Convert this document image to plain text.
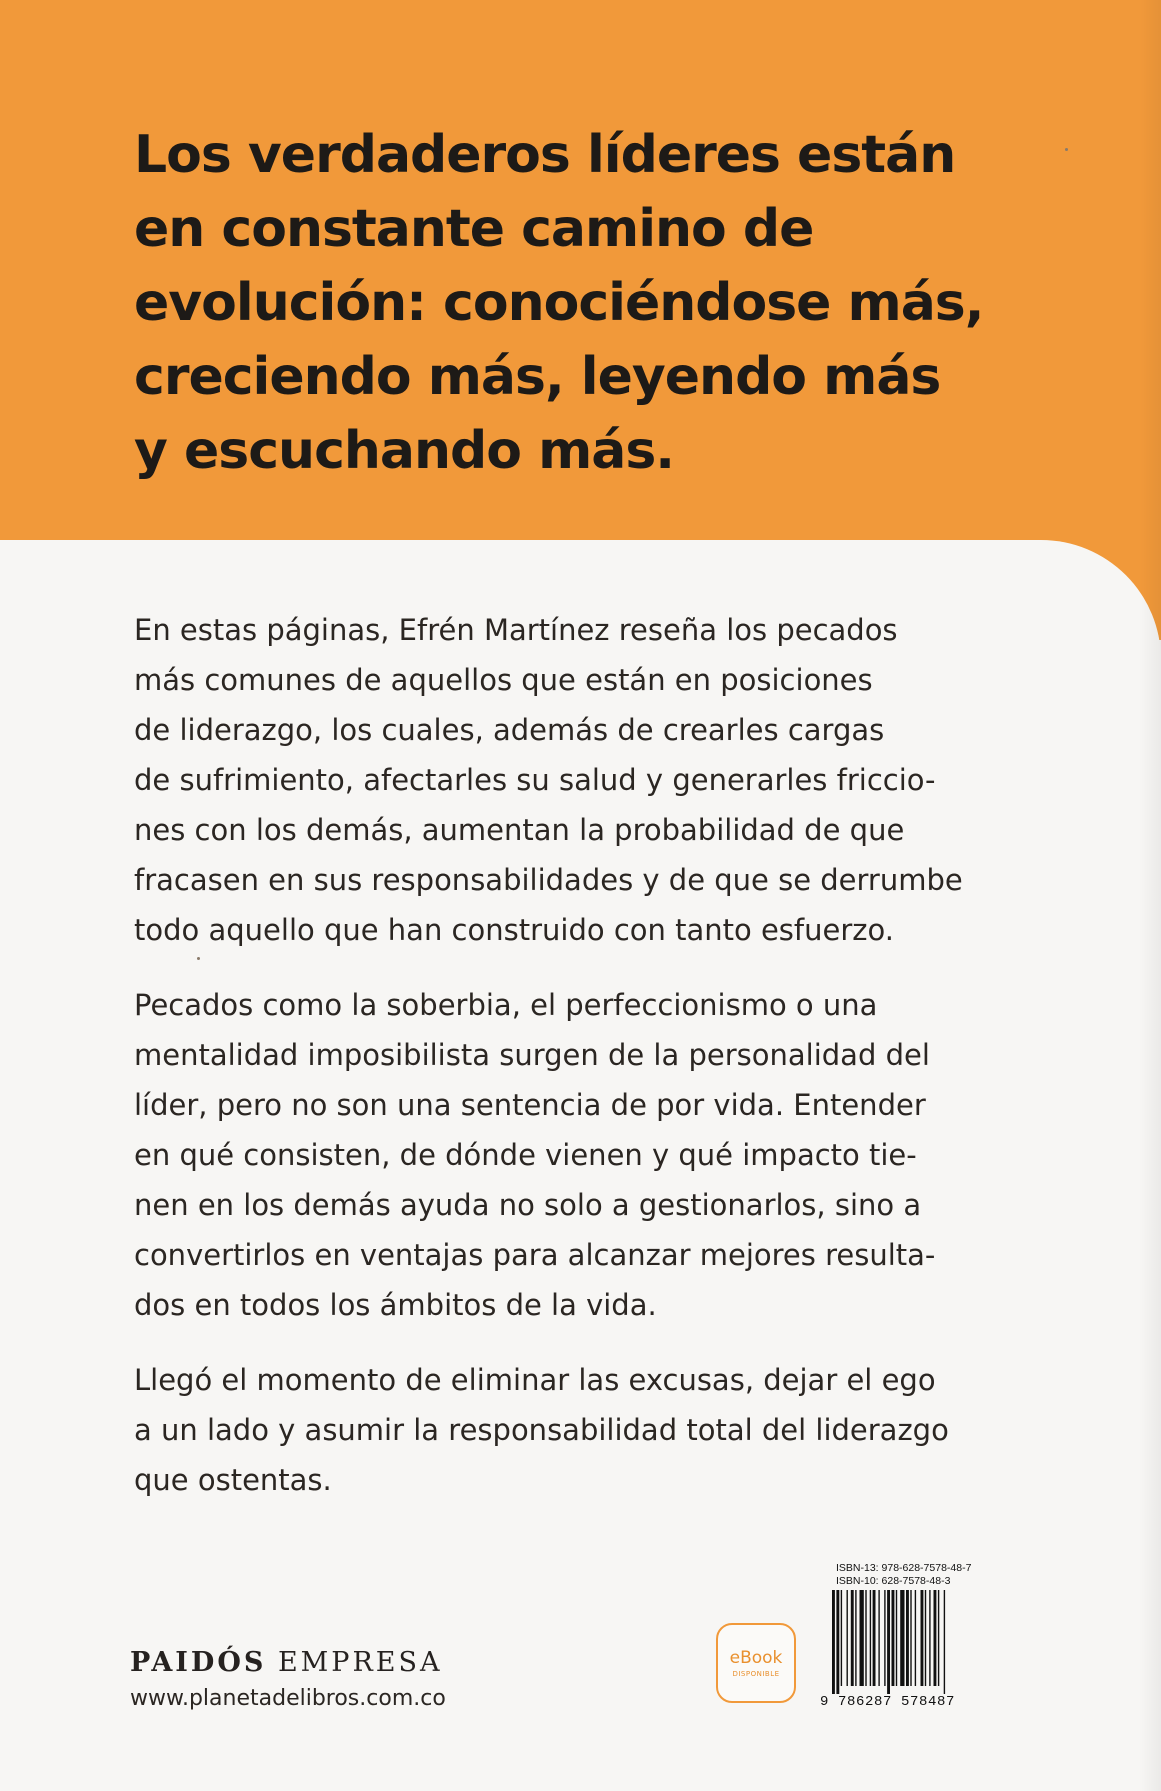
Los verdaderos líderes están
en constante camino de
evolución: conociéndose más,
creciendo más, leyendo más
y escuchando más.

En estas páginas, Efrén Martínez reseña los pecados
más comunes de aquellos que están en posiciones
de liderazgo, los cuales, además de crearles cargas
de sufrimiento, afectarles su salud y generarles friccio-
nes con los demás, aumentan la probabilidad de que
fracasen en sus responsabilidades y de que se derrumbe
todo aquello que han construido con tanto esfuerzo.

Pecados como la soberbia, el perfeccionismo o una
mentalidad imposibilista surgen de la personalidad del
líder, pero no son una sentencia de por vida. Entender
en qué consisten, de dónde vienen y qué impacto tie-
nen en los demás ayuda no solo a gestionarlos, sino a
convertirlos en ventajas para alcanzar mejores resulta-
dos en todos los ámbitos de la vida.

Llegó el momento de eliminar las excusas, dejar el ego
a un lado y asumir la responsabilidad total del liderazgo
que ostentas.

PAIDÓS EMPRESA
www.planetadelibros.com.co
eBook
DISPONIBLE
ISBN-13: 978-628-7578-48-7
ISBN-10: 628-7578-48-3
9 786287 578487
